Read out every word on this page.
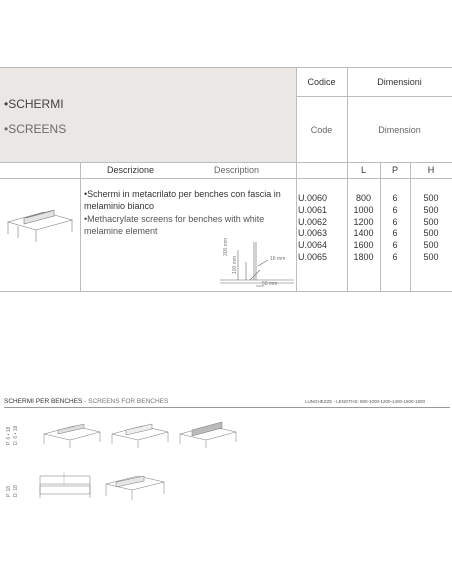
•SCHERMI
•SCREENS
Codice	Dimensioni
Code	Dimension
Descrizione	Description	L	P	H
•Schermi in metacrilato per benches con fascia in melaminio bianco
•Methacrylate screens for benches with white melamine element
U.0060	800	6	500
U.0061	1000	6	500
U.0062	1200	6	500
U.0063	1400	6	500
U.0064	1600	6	500
U.0065	1800	6	500
300 mm
100 mm	16 mm
50 mm
SCHERMI PER BENCHES - SCREENS FOR BENCHES	LUNGHEZZE - LENGTHS: 800-1000-1200-1400-1600-1800
P. 6 • 18 D. 6 • 18
P. 18 D. 18
